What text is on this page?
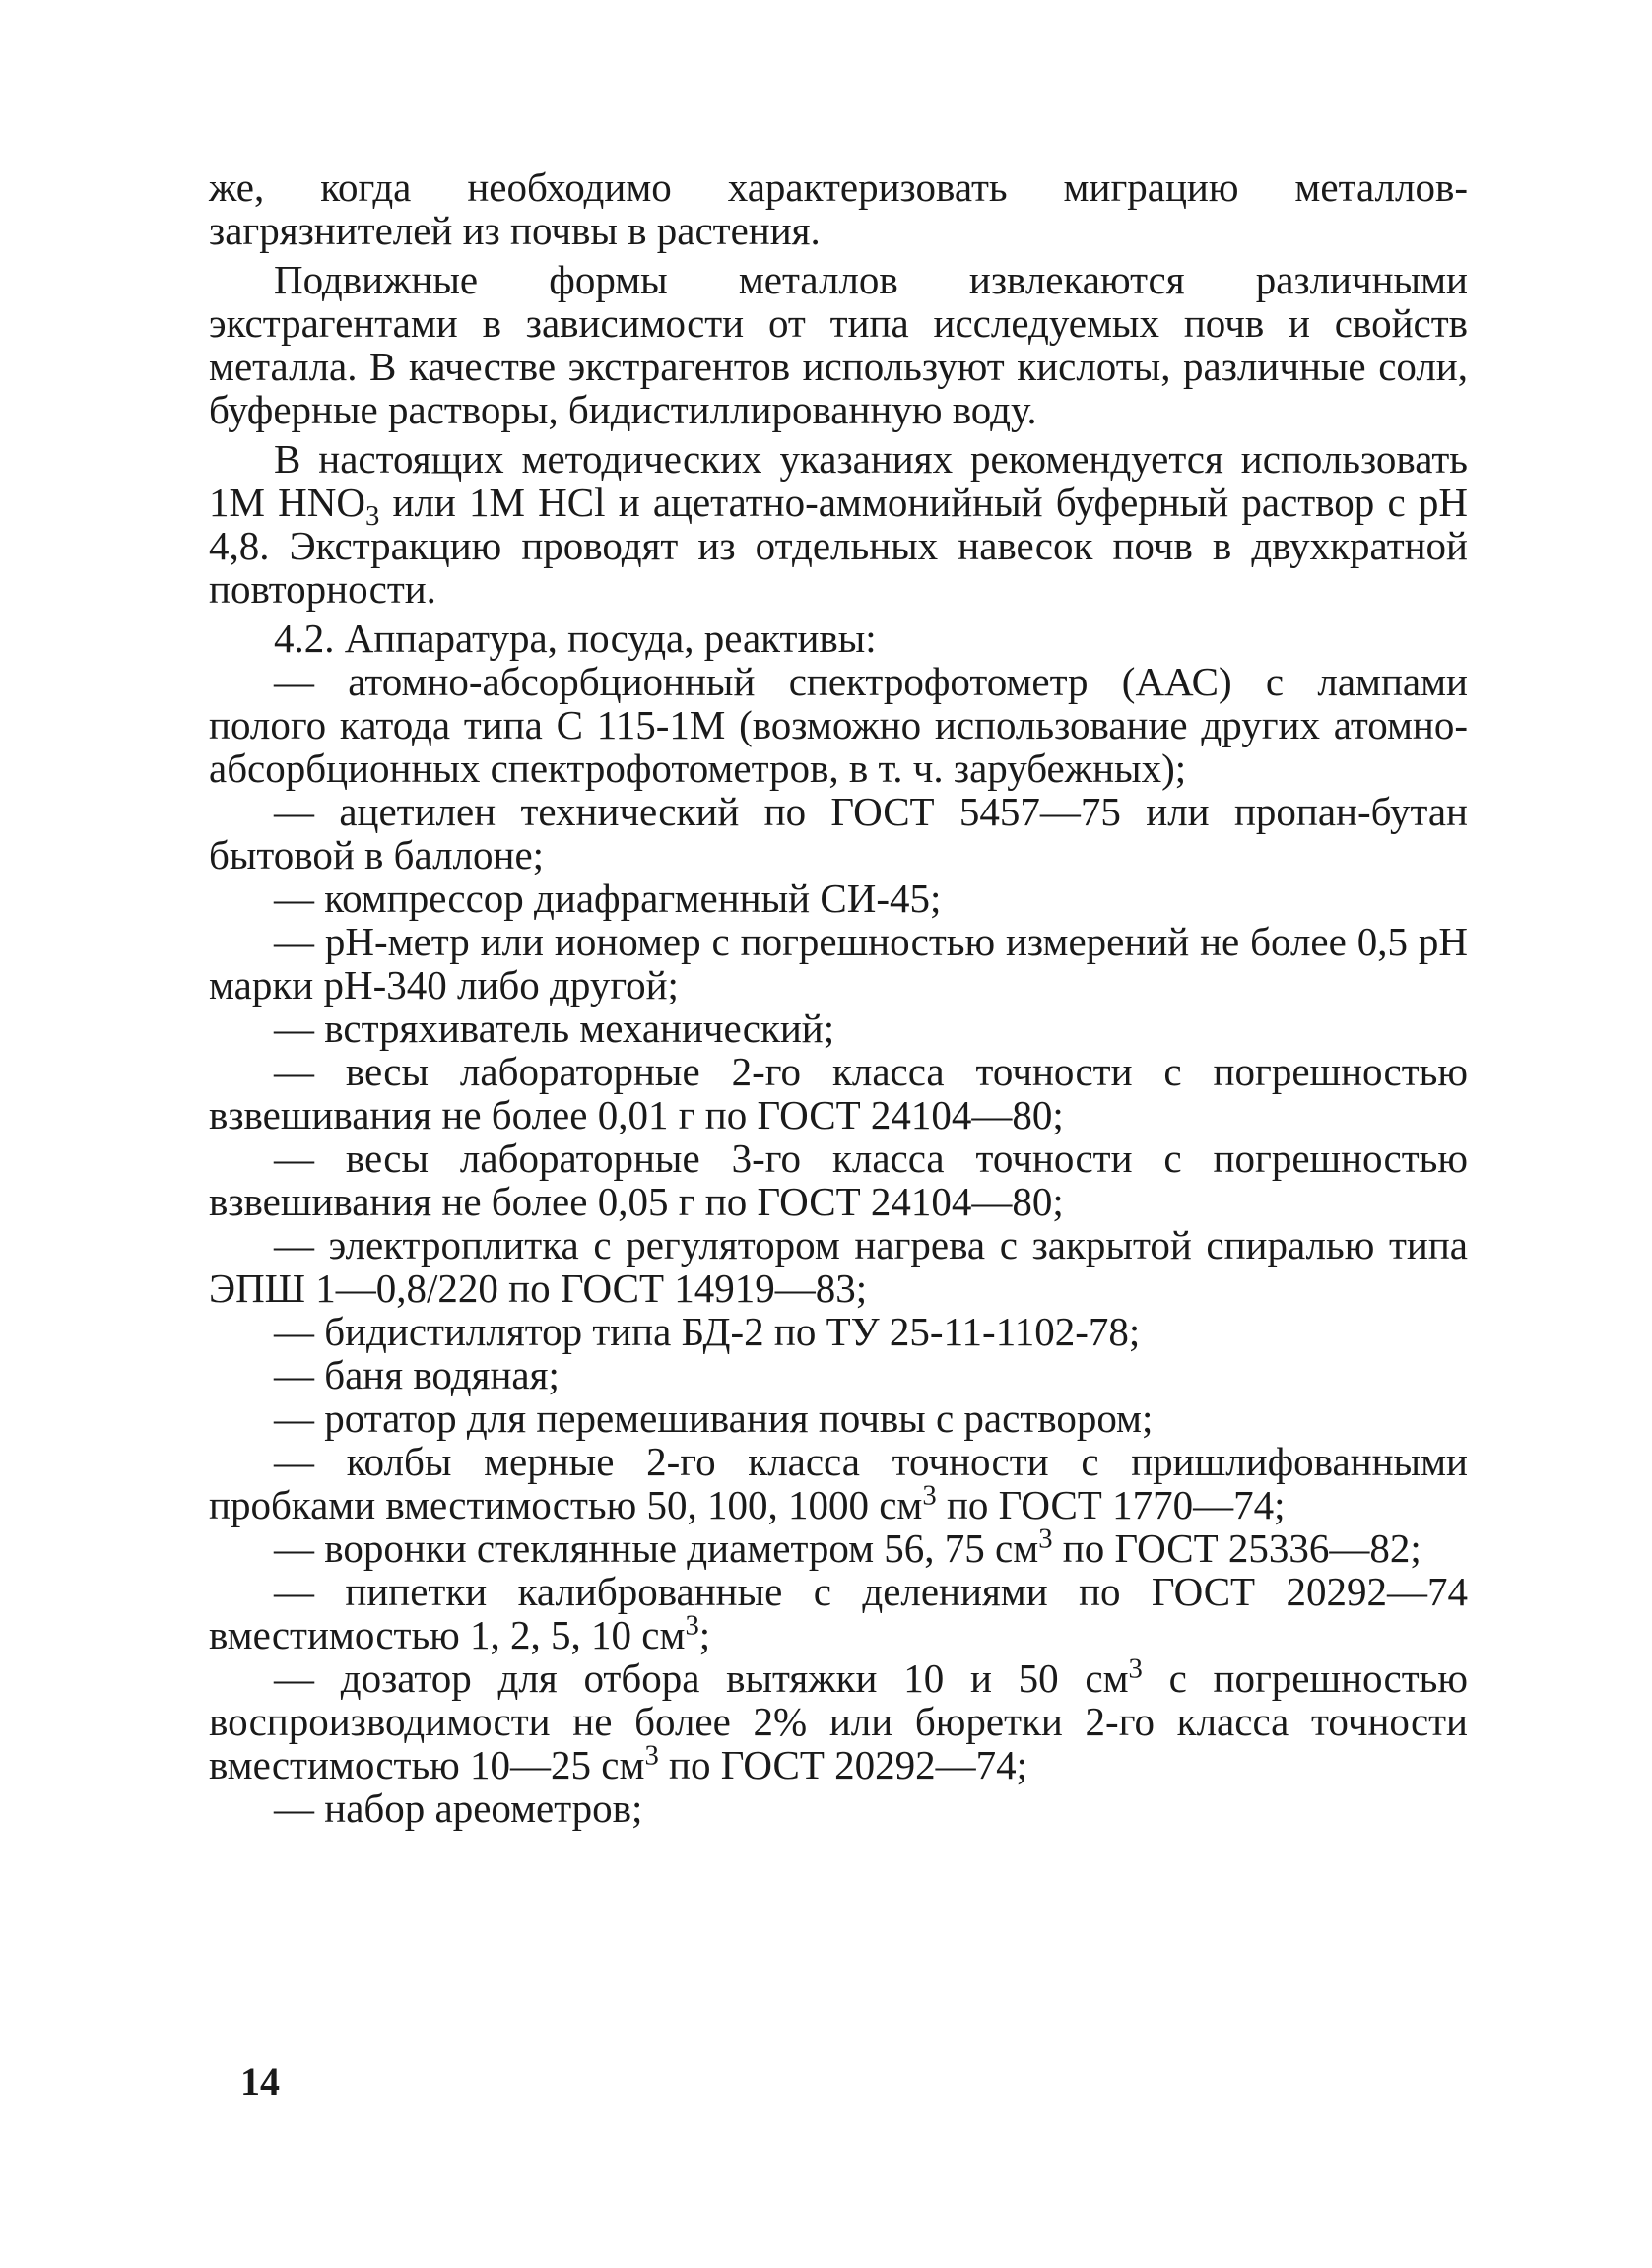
же, когда необходимо характеризовать миграцию металлов-загрязнителей из почвы в растения.

Подвижные формы металлов извлекаются различными экстрагентами в зависимости от типа исследуемых почв и свойств металла. В качестве экстрагентов используют кислоты, различные соли, буферные растворы, бидистиллированную воду.

В настоящих методических указаниях рекомендуется использовать 1М $HNO_3$ или 1М HCl и ацетатно-аммонийный буферный раствор с pH 4,8. Экстракцию проводят из отдельных навесок почв в двухкратной повторности.

4.2. Аппаратура, посуда, реактивы:

— атомно-абсорбционный спектрофотометр (ААС) с лампами полого катода типа С 115-1М (возможно использование других атомно-абсорбционных спектрофотометров, в т. ч. зарубежных);

— ацетилен технический по ГОСТ 5457—75 или пропан-бутан бытовой в баллоне;

— компрессор диафрагменный СИ-45;

— pH-метр или иономер с погрешностью измерений не более 0,5 pH марки pH-340 либо другой;

— встряхиватель механический;

— весы лабораторные 2-го класса точности с погрешностью взвешивания не более 0,01 г по ГОСТ 24104—80;

— весы лабораторные 3-го класса точности с погрешностью взвешивания не более 0,05 г по ГОСТ 24104—80;

— электроплитка с регулятором нагрева с закрытой спиралью типа ЭПШ 1—0,8/220 по ГОСТ 14919—83;

— бидистиллятор типа БД-2 по ТУ 25-11-1102-78;

— баня водяная;

— ротатор для перемешивания почвы с раствором;

— колбы мерные 2-го класса точности с пришлифованными пробками вместимостью 50, 100, 1000 $см^3$ по ГОСТ 1770—74;

— воронки стеклянные диаметром 56, 75 $см^3$ по ГОСТ 25336—82;

— пипетки калиброванные с делениями по ГОСТ 20292—74 вместимостью 1, 2, 5, 10 $см^3$;

— дозатор для отбора вытяжки 10 и 50 $см^3$ с погрешностью воспроизводимости не более 2% или бюретки 2-го класса точности вместимостью 10—25 $см^3$ по ГОСТ 20292—74;

— набор ареометров;

14
